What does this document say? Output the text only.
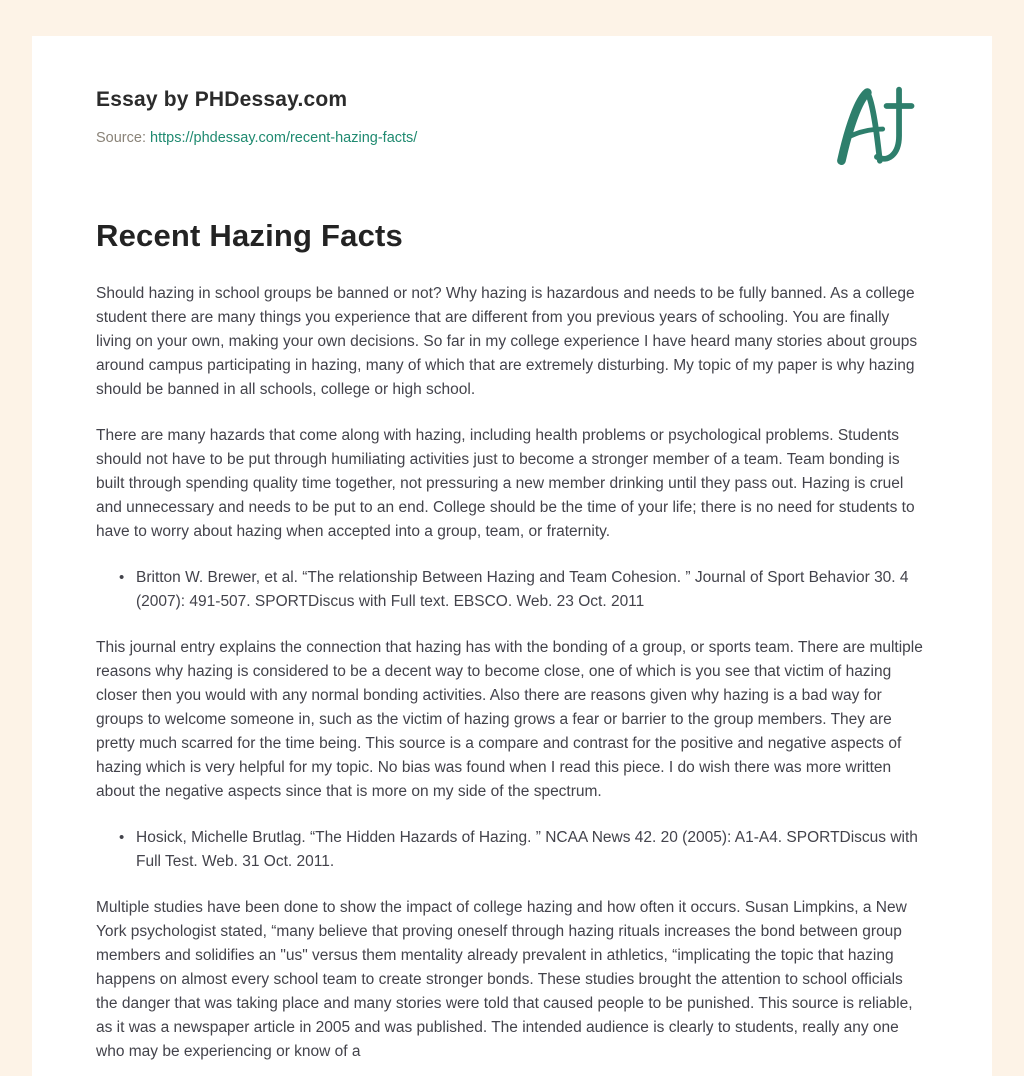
Essay by PHDessay.com
Source: https://phdessay.com/recent-hazing-facts/
Recent Hazing Facts

Should hazing in school groups be banned or not? Why hazing is hazardous and needs to be fully banned. As a college student there are many things you experience that are different from you previous years of schooling. You are finally living on your own, making your own decisions. So far in my college experience I have heard many stories about groups around campus participating in hazing, many of which that are extremely disturbing. My topic of my paper is why hazing should be banned in all schools, college or high school.

There are many hazards that come along with hazing, including health problems or psychological problems. Students should not have to be put through humiliating activities just to become a stronger member of a team. Team bonding is built through spending quality time together, not pressuring a new member drinking until they pass out. Hazing is cruel and unnecessary and needs to be put to an end. College should be the time of your life; there is no need for students to have to worry about hazing when accepted into a group, team, or fraternity.

• Britton W. Brewer, et al. “The relationship Between Hazing and Team Cohesion. ” Journal of Sport Behavior 30. 4 (2007): 491-507. SPORTDiscus with Full text. EBSCO. Web. 23 Oct. 2011

This journal entry explains the connection that hazing has with the bonding of a group, or sports team. There are multiple reasons why hazing is considered to be a decent way to become close, one of which is you see that victim of hazing closer then you would with any normal bonding activities. Also there are reasons given why hazing is a bad way for groups to welcome someone in, such as the victim of hazing grows a fear or barrier to the group members. They are pretty much scarred for the time being. This source is a compare and contrast for the positive and negative aspects of hazing which is very helpful for my topic. No bias was found when I read this piece. I do wish there was more written about the negative aspects since that is more on my side of the spectrum.

• Hosick, Michelle Brutlag. “The Hidden Hazards of Hazing. ” NCAA News 42. 20 (2005): A1-A4. SPORTDiscus with Full Test. Web. 31 Oct. 2011.

Multiple studies have been done to show the impact of college hazing and how often it occurs. Susan Limpkins, a New York psychologist stated, “many believe that proving oneself through hazing rituals increases the bond between group members and solidifies an "us" versus them mentality already prevalent in athletics, “implicating the topic that hazing happens on almost every school team to create stronger bonds. These studies brought the attention to school officials the danger that was taking place and many stories were told that caused people to be punished. This source is reliable, as it was a newspaper article in 2005 and was published. The intended audience is clearly to students, really any one who may be experiencing or know of a
